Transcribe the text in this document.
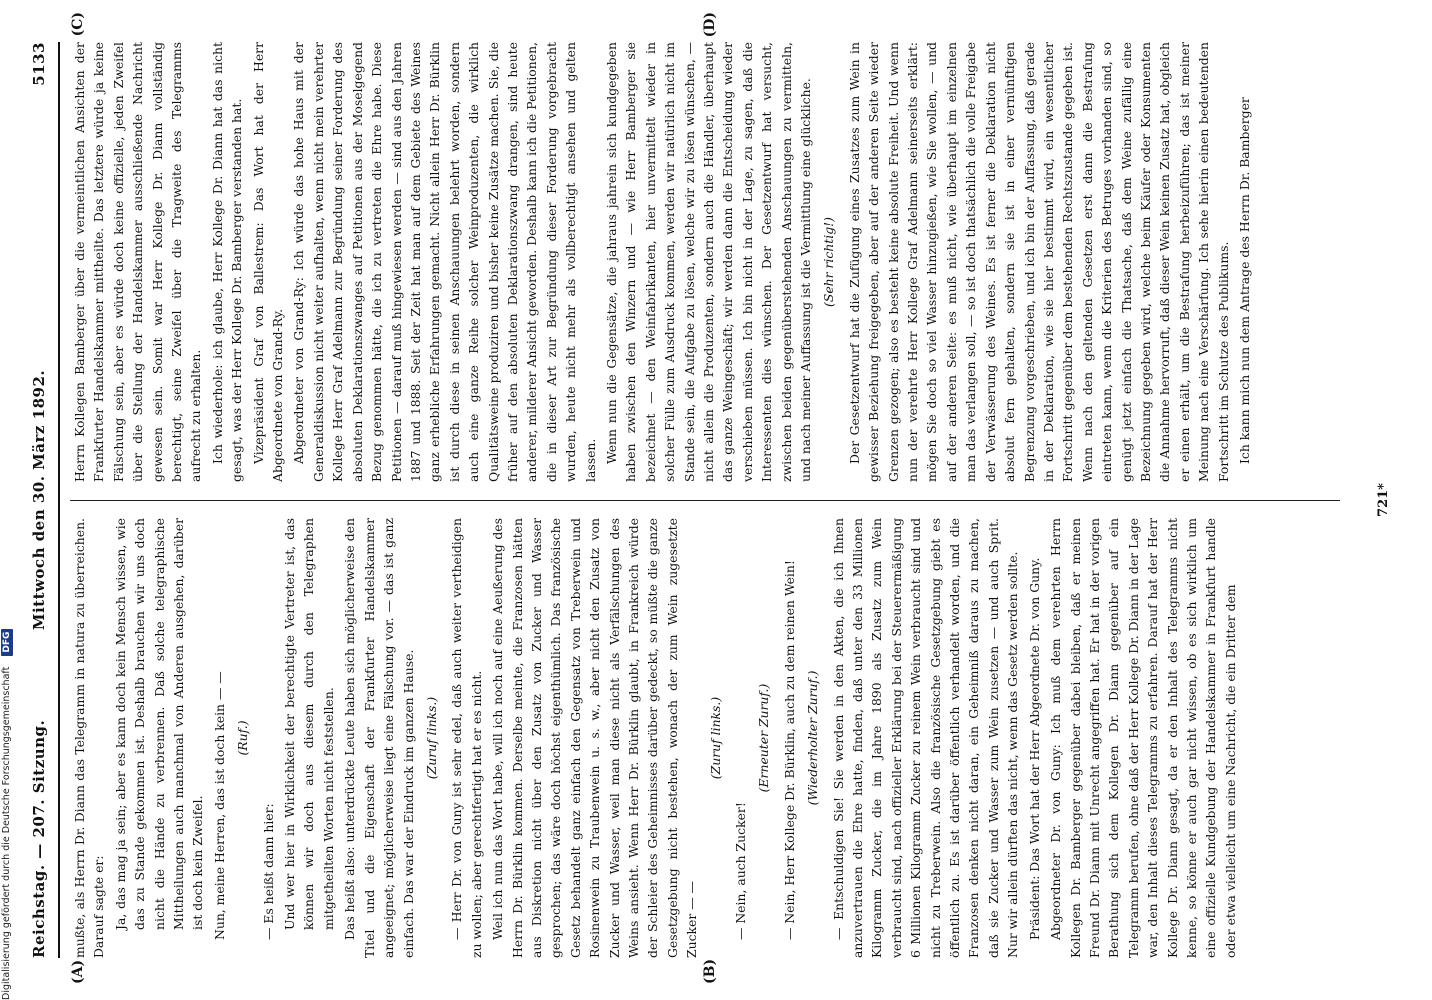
Reichstag. — 207. Sitzung.
Mittwoch den 30. März 1892.
5133
(A)	(B)
(C)	(D)

mußte, als Herrn Dr. Diann das Telegramm in natura zu überreichen. Darauf sagte er: Ja, das mag ja sein; aber es kann doch kein Mensch wissen, wie das zu Stande gekommen ist. Deshalb brauchen wir uns doch nicht die Hände zu verbrennen. Daß solche telegraphische Mittheilungen auch manchmal von Anderen ausgehen, darüber ist doch kein Zweifel. Nun, meine Herren, das ist doch kein — — (Ruf.)

— Es heißt dann hier: Und wer hier in Wirklichkeit der berechtigte Vertreter ist, das können wir doch aus diesem durch den Telegraphen mitgetheilten Worten nicht feststellen. Das heißt also: unterdrückte Leute haben sich möglicherweise den Titel und die Eigenschaft der Frankfurter Handelskammer angeeignet; möglicherweise liegt eine Fälschung vor. — das ist ganz einfach. Das war der Eindruck im ganzen Hause. (Zuruf links.) — Herr Dr. von Guny ist sehr edel, daß auch weiter vertheidigen zu wollen; aber gerechtfertigt hat er es nicht. Weil ich nun das Wort habe, will ich noch auf eine Aeußerung des Herrn Dr. Bürklin kommen. Derselbe meinte, die Franzosen hätten aus Diskretion nicht über den Zusatz von Zucker und Wasser gesprochen; das wäre doch höchst eigenthümlich. Das französische Gesetz behandelt ganz einfach den Gegensatz von Treberwein und Rosinenwein zu Traubenwein u. s. w., aber nicht den Zusatz von Zucker und Wasser, weil man diese nicht als Verfälschungen des Weins ansieht. Wenn Herr Dr. Bürklin glaubt, in Frankreich würde der Schleier des Geheimnisses darüber gedeckt, so müßte die ganze Gesetzgebung nicht bestehen, wonach der zum Wein zugesetzte Zucker — —

(Zuruf links.)

— Nein, auch Zucker!

(Erneuter Zuruf.) — Nein, Herr Kollege Dr. Bürklin, auch zu dem reinen Wein! (Wiederholter Zuruf.) — Entschuldigen Sie! Sie werden in den Akten, die ich Ihnen anzuvertrauen die Ehre hatte, finden, daß unter den 33 Millionen Kilogramm Zucker, die im Jahre 1890 als Zusatz zum Wein verbraucht sind, nach offizieller Erklärung bei der Steuerermäßigung 6 Millionen Kilogramm Zucker zu reinem Wein verbraucht sind und nicht zu Treberwein. Also die französische Gesetzgebung giebt es öffentlich zu. Es ist darüber öffentlich verhandelt worden, und die Franzosen denken nicht daran, ein Geheimniß daraus zu machen, daß sie Zucker und Wasser zum Wein zusetzen — und auch Sprit. Nur wir allein dürften das nicht, wenn das Gesetz werden sollte. Präsident: Das Wort hat der Herr Abgeordnete Dr. von Guny. Abgeordneter Dr. von Guny: Ich muß dem verehrten Herrn Kollegen Dr. Bamberger gegenüber dabei bleiben, daß er meinen Freund Dr. Diann mit Unrecht angegriffen hat. Er hat in der vorigen Berathung sich dem Kollegen Dr. Diann gegenüber auf ein Telegramm berufen, ohne daß der Herr Kollege Dr. Diann in der Lage war, den Inhalt dieses Telegramms zu erfahren. Darauf hat der Herr Kollege Dr. Diann gesagt, da er den Inhalt des Telegramms nicht kenne, so könne er auch gar nicht wissen, ob es sich wirklich um eine offizielle Kundgebung der Handelskammer in Frankfurt handle oder etwa vielleicht um eine Nachricht, die ein Dritter dem

Herrn Kollegen Bamberger über die vermeintlichen Ansichten der Frankfurter Handelskammer mittheilte. Das letztere würde ja keine Fälschung sein, aber es würde doch keine offizielle, jeden Zweifel über die Stellung der Handelskammer ausschließende Nachricht gewesen sein. Somit war Herr Kollege Dr. Diann vollständig berechtigt, seine Zweifel über die Tragweite des Telegramms aufrecht zu erhalten. Ich wiederhole: ich glaube, Herr Kollege Dr. Diann hat das nicht gesagt, was der Herr Kollege Dr. Bamberger verstanden hat. Vizepräsident Graf von Ballestrem: Das Wort hat der Herr Abgeordnete von Grand-Ry. Abgeordneter von Grand-Ry: Ich würde das hohe Haus mit der Generaldiskussion nicht weiter aufhalten, wenn nicht mein verehrter Kollege Herr Graf Adelmann zur Begründung seiner Forderung des absoluten Deklarationszwanges auf Petitionen aus der Moselgegend Bezug genommen hätte, die ich zu vertreten die Ehre habe. Diese Petitionen — darauf muß hingewiesen werden — sind aus den Jahren 1887 und 1888. Seit der Zeit hat man auf dem Gebiete des Weines ganz erhebliche Erfahrungen gemacht. Nicht allein Herr Dr. Bürklin ist durch diese in seinen Anschauungen belehrt worden, sondern auch eine ganze Reihe solcher Weinproduzenten, die wirklich Qualitätsweine produziren und bisher keine Zusätze machen. Sie, die früher auf den absoluten Deklarationszwang drangen, sind heute anderer, milderer Ansicht geworden. Deshalb kann ich die Petitionen, die in dieser Art zur Begründung dieser Forderung vorgebracht wurden, heute nicht mehr als vollberechtigt ansehen und gelten lassen. Wenn nun die Gegensätze, die jahraus jahrein sich kundgegeben haben zwischen den Winzern und — wie Herr Bamberger sie bezeichnet — den Weinfabrikanten, hier unvermittelt wieder in solcher Fülle zum Ausdruck kommen, werden wir natürlich nicht im Stande sein, die Aufgabe zu lösen, welche wir zu lösen wünschen, — nicht allein die Produzenten, sondern auch die Händler, überhaupt das ganze Weingeschäft; wir werden dann die Entscheidung wieder verschieben müssen. Ich bin nicht in der Lage, zu sagen, daß die Interessenten dies wünschen. Der Gesetzentwurf hat versucht, zwischen beiden gegenüberstehenden Anschauungen zu vermitteln, und nach meiner Auffassung ist die Vermittlung eine glückliche. (Sehr richtig!) Der Gesetzentwurf hat die Zufügung eines Zusatzes zum Wein in gewisser Beziehung freigegeben, aber auf der anderen Seite wieder Grenzen gezogen; also es besteht keine absolute Freiheit. Und wenn nun der verehrte Herr Kollege Graf Adelmann seinerseits erklärt: mögen Sie doch so viel Wasser hinzugießen, wie Sie wollen, — und auf der anderen Seite: es muß nicht, wie überhaupt im einzelnen man das verlangen soll, — so ist doch thatsächlich die volle Freigabe der Verwässerung des Weines. Es ist ferner die Deklaration nicht absolut fern gehalten, sondern sie ist in einer vernünftigen Begrenzung vorgeschrieben, und ich bin der Auffassung, daß gerade in der Deklaration, wie sie hier bestimmt wird, ein wesentlicher Fortschritt gegenüber dem bestehenden Rechtszustande gegeben ist. Wenn nach den geltenden Gesetzen erst dann die Bestrafung eintreten kann, wenn die Kriterien des Betruges vorhanden sind, so genügt jetzt einfach die Thatsache, daß dem Weine zufällig eine Bezeichnung gegeben wird, welche beim Käufer oder Konsumenten die Annahme hervorruft, daß dieser Wein keinen Zusatz hat, obgleich er einen erhält, um die Bestrafung herbeizuführen; das ist meiner Meinung nach eine Verschärfung. Ich sehe hierin einen bedeutenden Fortschritt im Schutze des Publikums. Ich kann mich nun dem Antrage des Herrn Dr. Bamberger

721*
Digitalisierung gefördert durch die Deutsche Forschungsgemeinschaft DFG
